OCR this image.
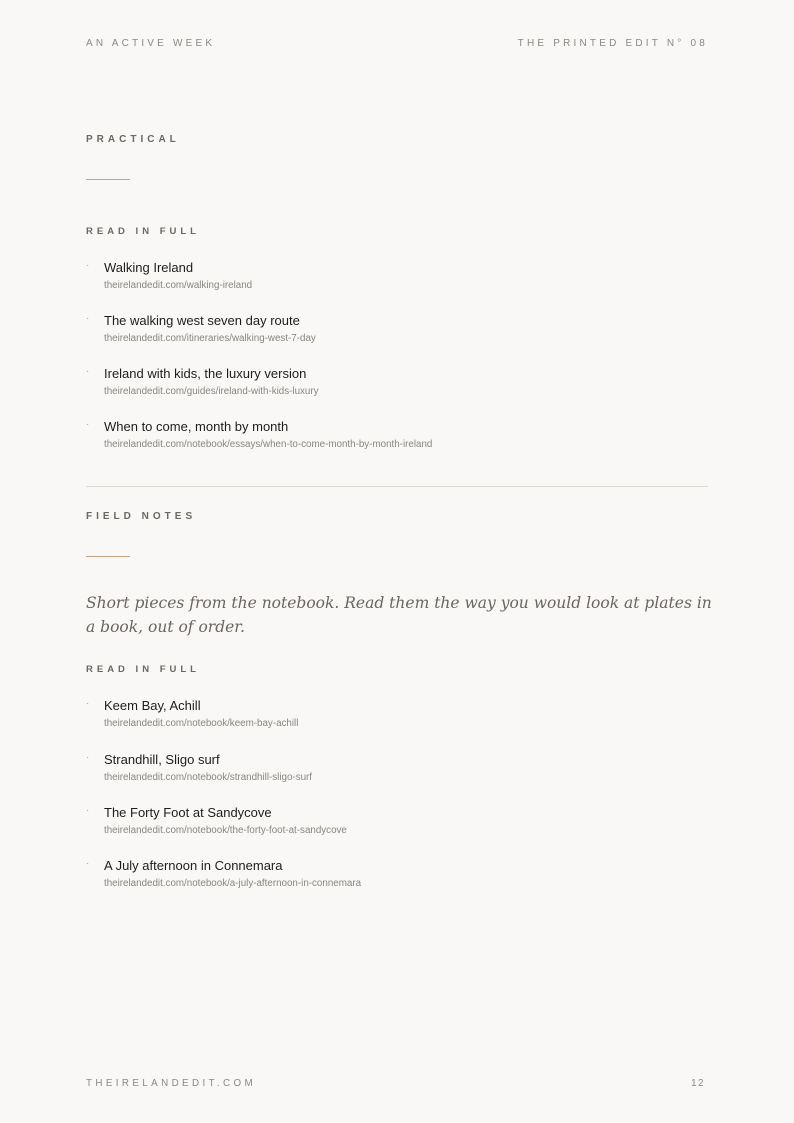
AN ACTIVE WEEK	THE PRINTED EDIT N° 08
PRACTICAL
READ IN FULL
· Walking Ireland
theirelandedit.com/walking-ireland
· The walking west seven day route
theirelandedit.com/itineraries/walking-west-7-day
· Ireland with kids, the luxury version
theirelandedit.com/guides/ireland-with-kids-luxury
· When to come, month by month
theirelandedit.com/notebook/essays/when-to-come-month-by-month-ireland
FIELD NOTES

Short pieces from the notebook. Read them the way you would look at plates in a book, out of order.

READ IN FULL
· Keem Bay, Achill
theirelandedit.com/notebook/keem-bay-achill
· Strandhill, Sligo surf
theirelandedit.com/notebook/strandhill-sligo-surf
· The Forty Foot at Sandycove
theirelandedit.com/notebook/the-forty-foot-at-sandycove
· A July afternoon in Connemara
theirelandedit.com/notebook/a-july-afternoon-in-connemara
THEIRELANDEDIT.COM	12
